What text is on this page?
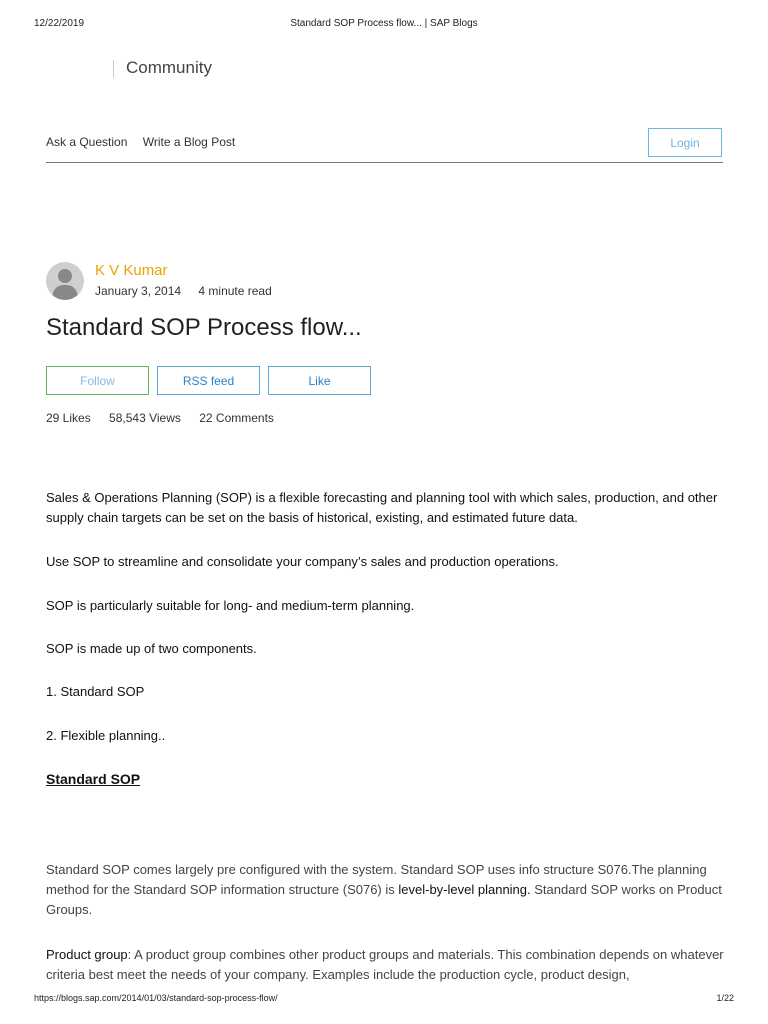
12/22/2019	Standard SOP Process flow... | SAP Blogs
Community
Ask a Question Write a Blog Post	Login
K V Kumar
January 3, 2014 4 minute read
Standard SOP Process flow...
Follow	RSS feed	Like
29 Likes 58,543 Views 22 Comments

Sales & Operations Planning (SOP) is a flexible forecasting and planning tool with which sales, production, and other supply chain targets can be set on the basis of historical, existing, and estimated future data.

Use SOP to streamline and consolidate your company’s sales and production operations.

SOP is particularly suitable for long- and medium-term planning.

SOP is made up of two components.

1. Standard SOP

2. Flexible planning..

Standard SOP

Standard SOP comes largely pre configured with the system. Standard SOP uses info structure S076.The planning method for the Standard SOP information structure (S076) is level-by-level planning. Standard SOP works on Product Groups.

Product group: A product group combines other product groups and materials. This combination depends on whatever criteria best meet the needs of your company. Examples include the production cycle, product design,

https://blogs.sap.com/2014/01/03/standard-sop-process-flow/	1/22
